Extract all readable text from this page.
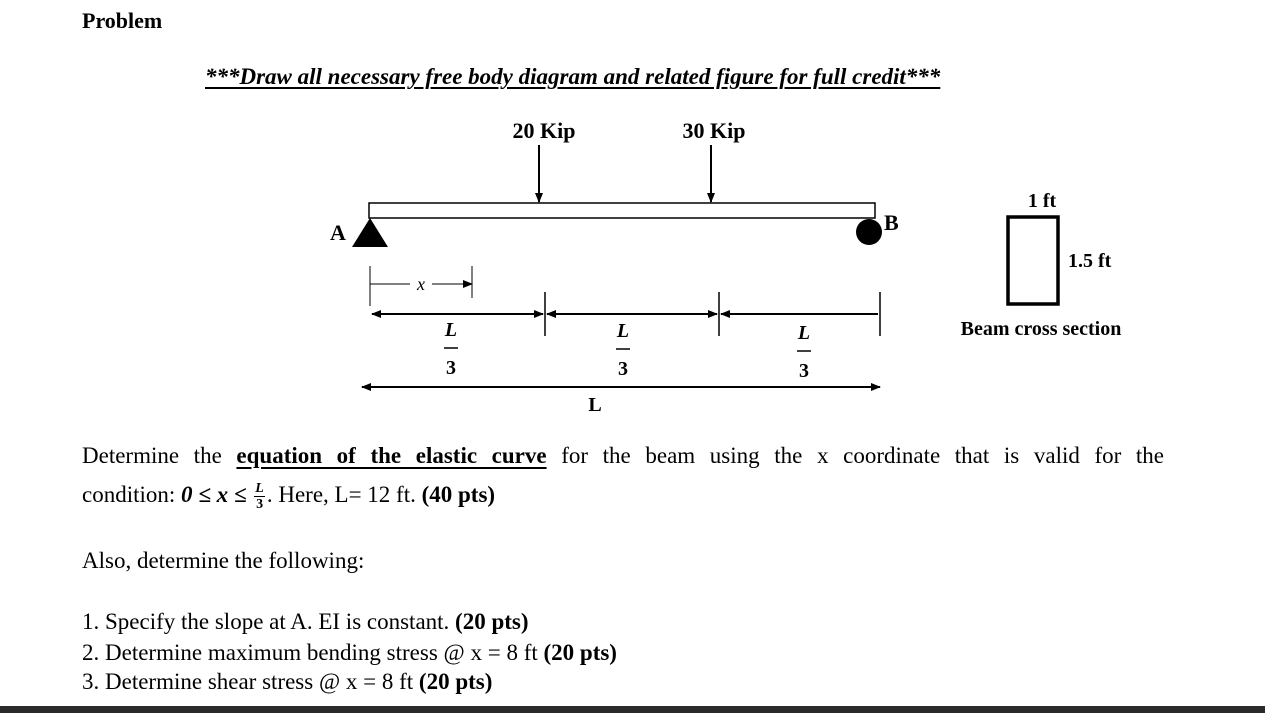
Problem
***Draw all necessary free body diagram and related figure for full credit***
20 Kip	30 Kip
A	B
x
L
3
L
3
L
3
L
1 ft
1.5 ft
Beam cross section
Determine the equation of the elastic curve for the beam using the x coordinate that is valid for the
condition: $0 \le x \le \frac{L}{3}$ . Here, L= 12 ft. (40 pts)
Also, determine the following:
1. Specify the slope at A. EI is constant. (20 pts)
2. Determine maximum bending stress @ x = 8 ft (20 pts)
3. Determine shear stress @ x = 8 ft (20 pts)
